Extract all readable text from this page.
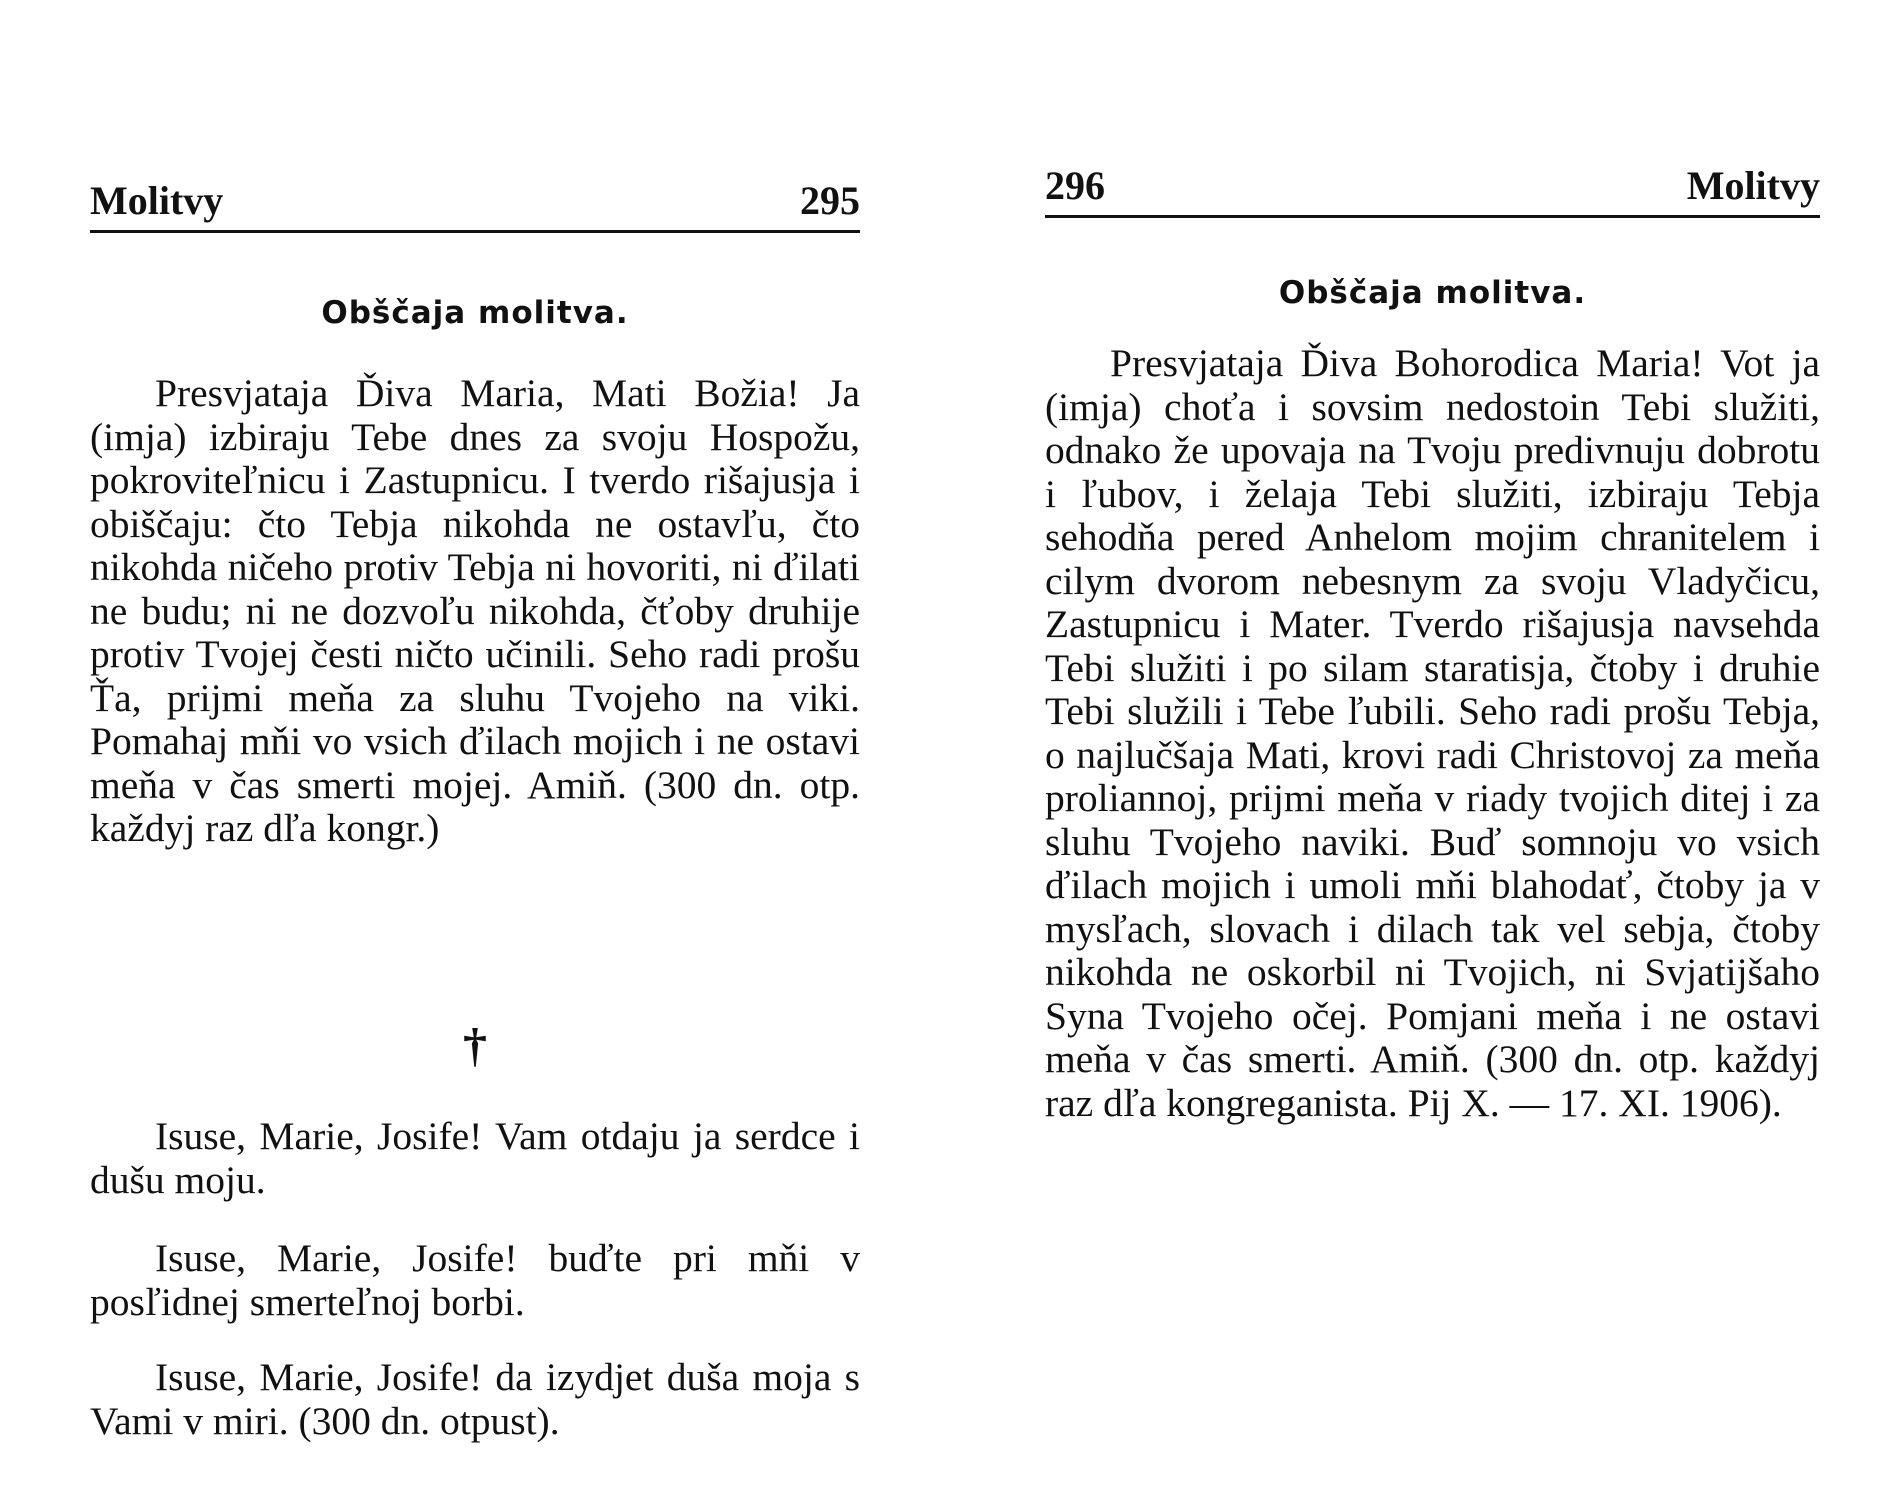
Molitvy	295
Obščaja molitva.

Presvjataja Ďiva Maria, Mati Božia! Ja (imja) izbiraju Tebe dnes za svoju Hospožu, pokroviteľnicu i Zastupnicu. I tverdo rišajusja i obiščaju: čto Tebja nikohda ne ostavľu, čto nikohda ničeho protiv Tebja ni hovoriti, ni ďilati ne budu; ni ne dozvoľu nikohda, čťoby druhije protiv Tvojej česti ničto učinili. Seho radi prošu Ťa, prijmi meňa za sluhu Tvojeho na viki. Pomahaj mňi vo vsich ďilach mojich i ne ostavi meňa v čas smerti mojej. Amiň. (300 dn. otp. každyj raz dľa kongr.)

†

Isuse, Marie, Josife! Vam otdaju ja serdce i dušu moju.

Isuse, Marie, Josife! buďte pri mňi v posľidnej smerteľnoj borbi.

Isuse, Marie, Josife! da izydjet duša moja s Vami v miri. (300 dn. otpust).

296	Molitvy
Obščaja molitva.

Presvjataja Ďiva Bohorodica Maria! Vot ja (imja) choťa i sovsim nedostoin Tebi služiti, odnako že upovaja na Tvoju predivnuju dobrotu i ľubov, i želaja Tebi služiti, izbiraju Tebja sehodňa pered Anhelom mojim chranitelem i cilym dvorom nebesnym za svoju Vladyčicu, Zastupnicu i Mater. Tverdo rišajusja navsehda Tebi služiti i po silam staratisja, čtoby i druhie Tebi služili i Tebe ľubili. Seho radi prošu Tebja, o najlučšaja Mati, krovi radi Christovoj za meňa proliannoj, prijmi meňa v riady tvojich ditej i za sluhu Tvojeho naviki. Buď somnoju vo vsich ďilach mojich i umoli mňi blahodať, čtoby ja v mysľach, slovach i dilach tak vel sebja, čtoby nikohda ne oskorbil ni Tvojich, ni Svjatijšaho Syna Tvojeho očej. Pomjani meňa i ne ostavi meňa v čas smerti. Amiň. (300 dn. otp. každyj raz dľa kongreganista. Pij X. — 17. XI. 1906).
